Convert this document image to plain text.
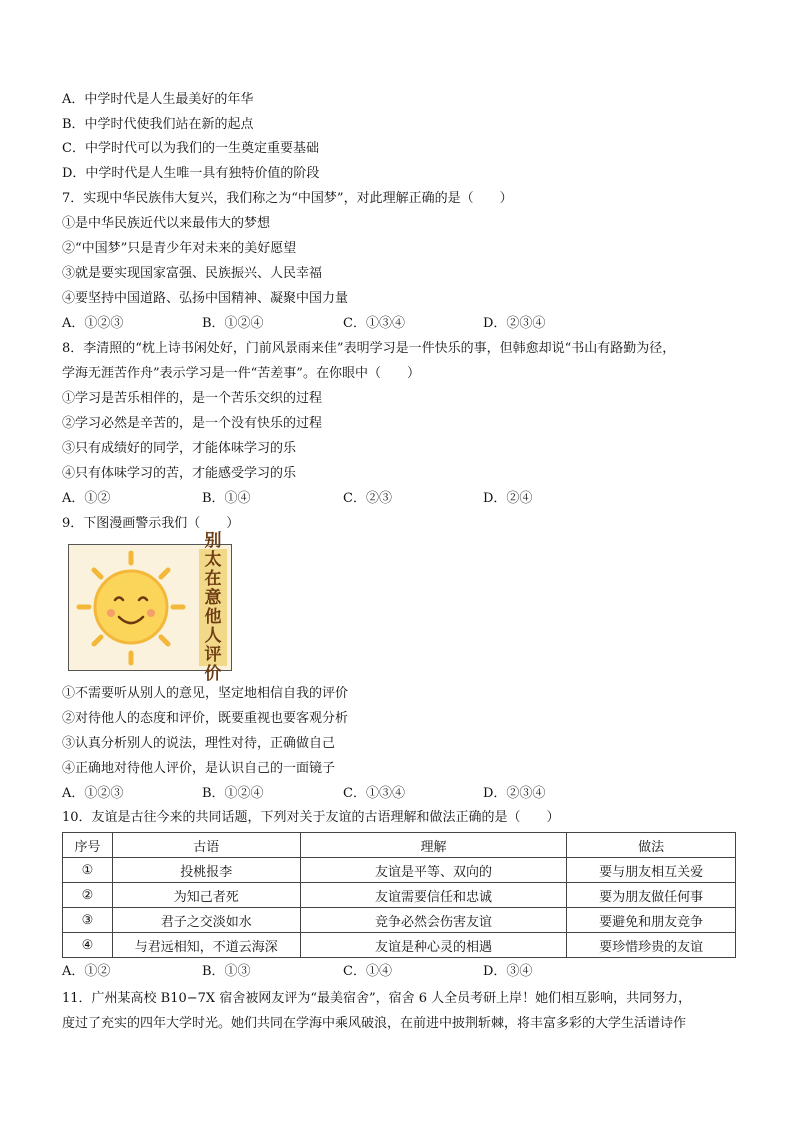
A．中学时代是人生最美好的年华
B．中学时代使我们站在新的起点
C．中学时代可以为我们的一生奠定重要基础
D．中学时代是人生唯一具有独特价值的阶段
7．实现中华民族伟大复兴，我们称之为“中国梦”，对此理解正确的是（　　）
①是中华民族近代以来最伟大的梦想
②“中国梦”只是青少年对未来的美好愿望
③就是要实现国家富强、民族振兴、人民幸福
④要坚持中国道路、弘扬中国精神、凝聚中国力量
A．①②③	B．①②④	C．①③④	D．②③④
8．李清照的“枕上诗书闲处好，门前风景雨来佳”表明学习是一件快乐的事，但韩愈却说“书山有路勤为径，
学海无涯苦作舟”表示学习是一件“苦差事”。在你眼中（　　）
①学习是苦乐相伴的，是一个苦乐交织的过程
②学习必然是辛苦的，是一个没有快乐的过程
③只有成绩好的同学，才能体味学习的乐
④只有体味学习的苦，才能感受学习的乐
A．①②	B．①④	C．②③	D．②④
9．下图漫画警示我们（　　）
别
太
在
意
他
人
评
价
①不需要听从别人的意见，坚定地相信自我的评价
②对待他人的态度和评价，既要重视也要客观分析
③认真分析别人的说法，理性对待，正确做自己
④正确地对待他人评价，是认识自己的一面镜子
A．①②③	B．①②④	C．①③④	D．②③④
10．友谊是古往今来的共同话题，下列对关于友谊的古语理解和做法正确的是（　　）
序号	古语	理解	做法
①	投桃报李	友谊是平等、双向的	要与朋友相互关爱
②	为知己者死	友谊需要信任和忠诚	要为朋友做任何事
③	君子之交淡如水	竞争必然会伤害友谊	要避免和朋友竞争
④	与君远相知，不道云海深	友谊是种心灵的相遇	要珍惜珍贵的友谊
A．①②	B．①③	C．①④	D．③④
11．广州某高校 B10−7X 宿舍被网友评为“最美宿舍”，宿舍 6 人全员考研上岸！她们相互影响，共同努力，
度过了充实的四年大学时光。她们共同在学海中乘风破浪，在前进中披荆斩棘，将丰富多彩的大学生活谱诗作
